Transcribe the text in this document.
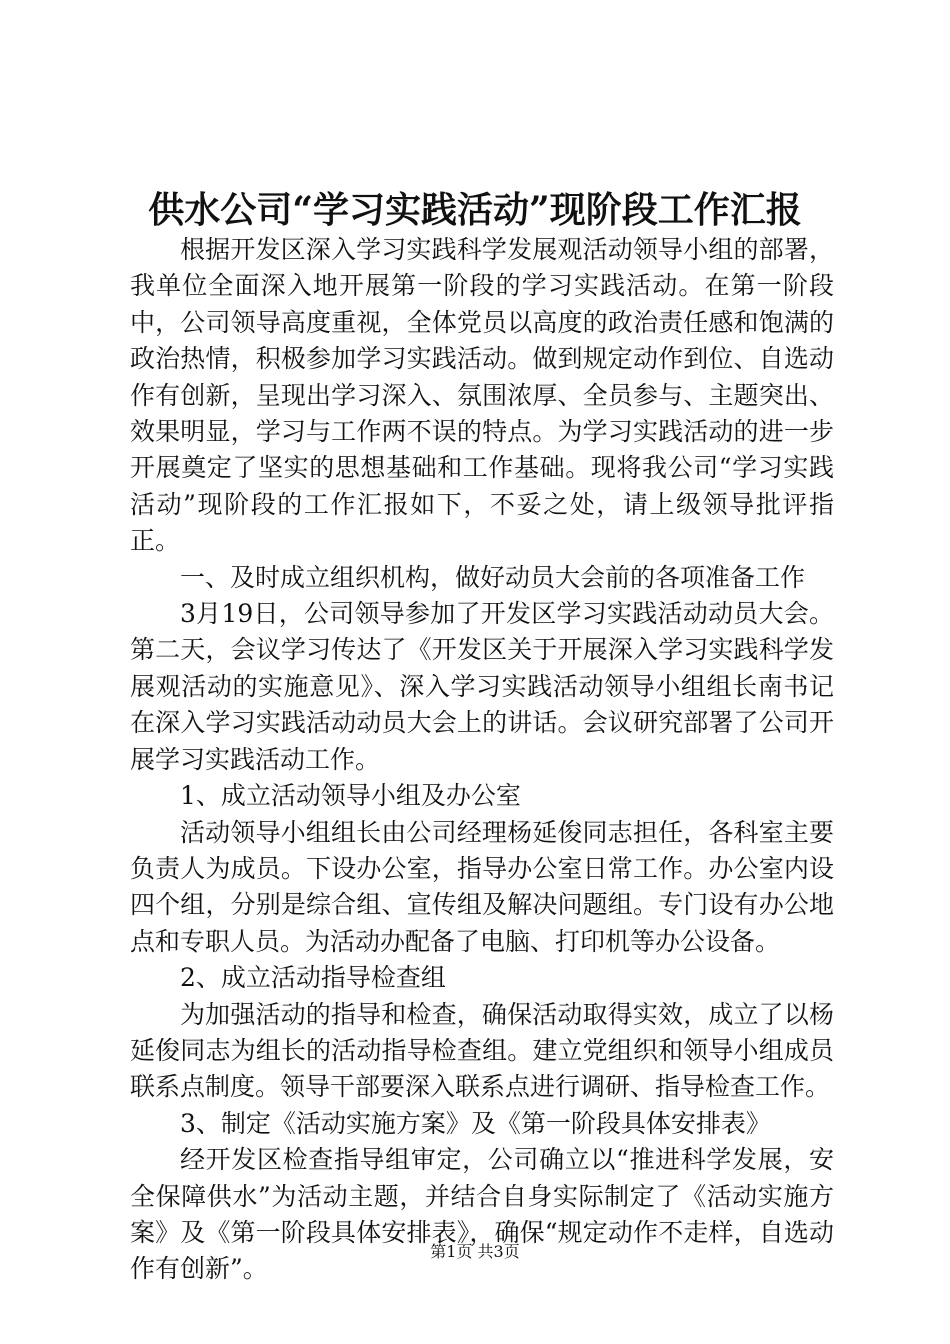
供水公司“学习实践活动”现阶段工作汇报

根据开发区深入学习实践科学发展观活动领导小组的部署，我单位全面深入地开展第一阶段的学习实践活动。在第一阶段中，公司领导高度重视，全体党员以高度的政治责任感和饱满的政治热情，积极参加学习实践活动。做到规定动作到位、自选动作有创新，呈现出学习深入、氛围浓厚、全员参与、主题突出、效果明显，学习与工作两不误的特点。为学习实践活动的进一步开展奠定了坚实的思想基础和工作基础。现将我公司“学习实践活动”现阶段的工作汇报如下，不妥之处，请上级领导批评指正。

一、及时成立组织机构，做好动员大会前的各项准备工作

3月19日，公司领导参加了开发区学习实践活动动员大会。第二天，会议学习传达了《开发区关于开展深入学习实践科学发展观活动的实施意见》、深入学习实践活动领导小组组长南书记在深入学习实践活动动员大会上的讲话。会议研究部署了公司开展学习实践活动工作。

1、成立活动领导小组及办公室

活动领导小组组长由公司经理杨延俊同志担任，各科室主要负责人为成员。下设办公室，指导办公室日常工作。办公室内设四个组，分别是综合组、宣传组及解决问题组。专门设有办公地点和专职人员。为活动办配备了电脑、打印机等办公设备。

2、成立活动指导检查组

为加强活动的指导和检查，确保活动取得实效，成立了以杨延俊同志为组长的活动指导检查组。建立党组织和领导小组成员联系点制度。领导干部要深入联系点进行调研、指导检查工作。

3、制定《活动实施方案》及《第一阶段具体安排表》

经开发区检查指导组审定，公司确立以“推进科学发展，安全保障供水”为活动主题，并结合自身实际制定了《活动实施方案》及《第一阶段具体安排表》，确保“规定动作不走样，自选动作有创新”。

第1页 共3页
